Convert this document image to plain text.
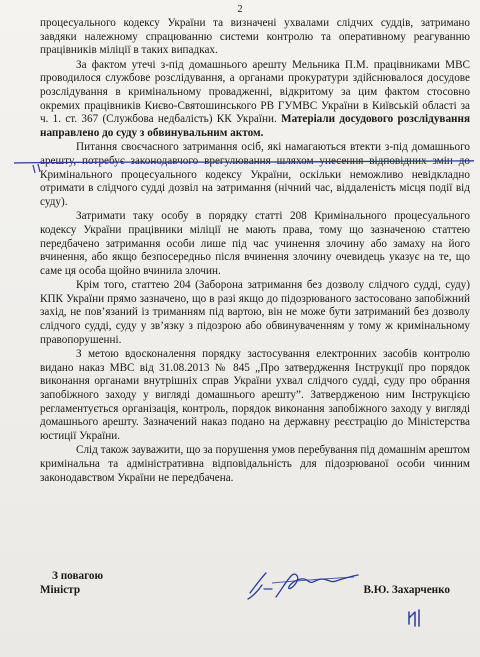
2

процесуального кодексу України та визначені ухвалами слідчих суддів, затримано завдяки належному спрацюванню системи контролю та оперативному реагуванню працівників міліції в таких випадках.

За фактом утечі з-під домашнього арешту Мельника П.М. працівниками МВС проводилося службове розслідування, а органами прокуратури здійснювалося досудове розслідування в кримінальному провадженні, відкритому за цим фактом стосовно окремих працівників Києво-Святошинського РВ ГУМВС України в Київській області за ч. 1. ст. 367 (Службова недбалість) КК України. Матеріали досудового розслідування направлено до суду з обвинувальним актом.

Питання своєчасного затримання осіб, які намагаються втекти з-під домашнього арешту, потребує законодавчого врегулювання шляхом унесення відповідних змін до Кримінального процесуального кодексу України, оскільки неможливо невідкладно отримати в слідчого судді дозвіл на затримання (нічний час, віддаленість місця події від суду).

Затримати таку особу в порядку статті 208 Кримінального процесуального кодексу України працівники міліції не мають права, тому що зазначеною статтею передбачено затримання особи лише під час учинення злочину або замаху на його вчинення, або якщо безпосередньо після вчинення злочину очевидець указує на те, що саме ця особа щойно вчинила злочин.

Крім того, статтею 204 (Заборона затримання без дозволу слідчого судді, суду) КПК України прямо зазначено, що в разі якщо до підозрюваного застосовано запобіжний захід, не пов’язаний із триманням під вартою, він не може бути затриманий без дозволу слідчого судді, суду у зв’язку з підозрою або обвинуваченням у тому ж кримінальному правопорушенні.

З метою вдосконалення порядку застосування електронних засобів контролю видано наказ МВС від 31.08.2013 № 845 „Про затвердження Інструкції про порядок виконання органами внутрішніх справ України ухвал слідчого судді, суду про обрання запобіжного заходу у вигляді домашнього арешту”. Затвердженою ним Інструкцією регламентується організація, контроль, порядок виконання запобіжного заходу у вигляді домашнього арешту. Зазначений наказ подано на державну реєстрацію до Міністерства юстиції України.

Слід також зауважити, що за порушення умов перебування під домашнім арештом кримінальна та адміністративна відповідальність для підозрюваної особи чинним законодавством України не передбачена.

З повагою
Міністр	В.Ю. Захарченко
